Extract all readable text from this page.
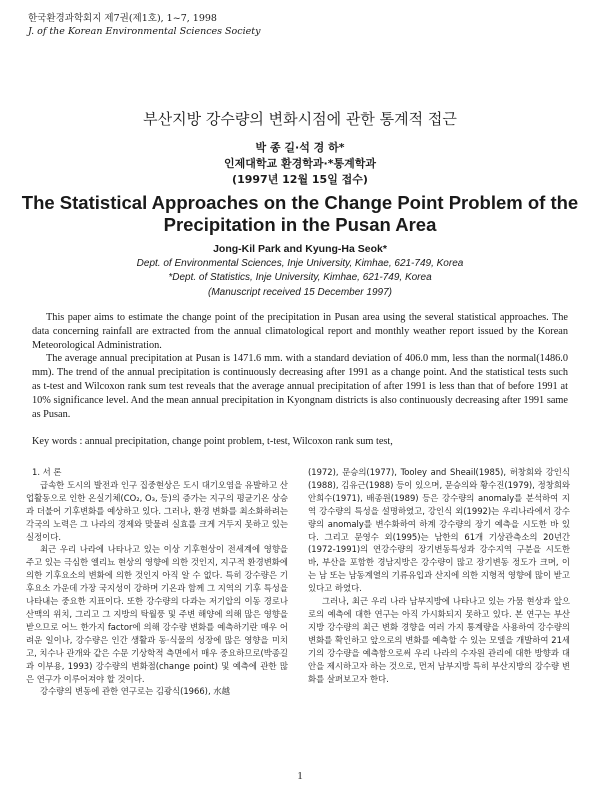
한국환경과학회지 제7권(제1호), 1~7, 1998
J. of the Korean Environmental Sciences Society
부산지방 강수량의 변화시점에 관한 통계적 접근
박 종 길·석 경 하*
인제대학교 환경학과·*통계학과
(1997년 12월 15일 접수)
The Statistical Approaches on the Change Point Problem of the Precipitation in the Pusan Area
Jong-Kil Park and Kyung-Ha Seok*
Dept. of Environmental Sciences, Inje University, Kimhae, 621-749, Korea
*Dept. of Statistics, Inje University, Kimhae, 621-749, Korea
(Manuscript received 15 December 1997)

This paper aims to estimate the change point of the precipitation in Pusan area using the several statistical approaches. The data concerning rainfall are extracted from the annual climatological report and monthly weather report issued by the Korean Meteorological Administration.

The average annual precipitation at Pusan is 1471.6 mm. with a standard deviation of 406.0 mm, less than the normal(1486.0 mm). The trend of the annual precipitation is continuously decreasing after 1991 as a change point. And the statistical tests such as t-test and Wilcoxon rank sum test reveals that the average annual precipitation of after 1991 is less than that of before 1991 at 10% significance level. And the mean annual precipitation in Kyongnam districts is also continuously decreasing after 1991 same as Pusan.

Key words : annual precipitation, change point problem, t-test, Wilcoxon rank sum test,

1. 서 론

급속한 도시의 발전과 인구 집중현상은 도시 대기오염을 유발하고 산업활동으로 인한 온실기체(CO₂, O₃, 등)의 증가는 지구의 평균기온 상승과 더불어 기후변화를 예상하고 있다. 그러나, 환경 변화를 최소화하려는 각국의 노력은 그 나라의 경제와 맞물려 실효를 크게 거두지 못하고 있는 실정이다.

최근 우리 나라에 나타나고 있는 이상 기후현상이 전세계에 영향을 주고 있는 극심한 엘리뇨 현상의 영향에 의한 것인지, 지구적 환경변화에 의한 기후요소의 변화에 의한 것인지 아직 알 수 없다. 특히 강수량은 기후요소 가운데 가장 국지성이 강하며 기온과 함께 그 지역의 기후 특성을 나타내는 중요한 지표이다. 또한 강수량의 다과는 저기압의 이동 경로나 산맥의 위치, 그리고 그 지방의 탁월풍 및 주변 해양에 의해 많은 영향을 받으므로 어느 한가지 factor에 의해 강수량 변화를 예측하기란 매우 어려운 일이나, 강수량은 인간 생활과 동·식물의 성장에 많은 영향을 미치고, 치수나 관개와 같은 수문 기상학적 측면에서 매우 중요하므로(박종길과 이부용, 1993) 강수량의 변화점(change point) 및 예측에 관한 많은 연구가 이루어져야 할 것이다.

강수량의 변동에 관한 연구로는 김광식(1966), 水越

(1972), 문승의(1977), Tooley and Sheail(1985), 허창회와 강인식(1988), 김유근(1988) 등이 있으며, 문승의와 황수진(1979), 정창희와 안희수(1971), 배종원(1989) 등은 강수량의 anomaly를 분석하여 지역 강수량의 특성을 설명하였고, 강인식 외(1992)는 우리나라에서 강수량의 anomaly를 변수화하여 하계 강수량의 장기 예측을 시도한 바 있다. 그리고 문영수 외(1995)는 남한의 61개 기상관측소의 20년간(1972-1991)의 연강수량의 장기변동특성과 강수지역 구분을 시도한 바, 부산을 포함한 경남지방은 강수량이 많고 장기변동 정도가 크며, 이는 남 또는 남동계열의 기류유입과 산지에 의한 지형적 영향에 많이 받고 있다고 하였다.

그러나, 최근 우리 나라 남부지방에 나타나고 있는 가뭄 현상과 앞으로의 예측에 대한 연구는 아직 가시화되지 못하고 있다. 본 연구는 부산 지방 강수량의 최근 변화 경향을 여러 가지 통계량을 사용하여 강수량의 변화를 확인하고 앞으로의 변화를 예측할 수 있는 모델을 개발하여 21세기의 강수량을 예측함으로써 우리 나라의 수자원 관리에 대한 방향과 대안을 제시하고자 하는 것으로, 먼저 남부지방 특히 부산지방의 강수량 변화를 살펴보고자 한다.

1
